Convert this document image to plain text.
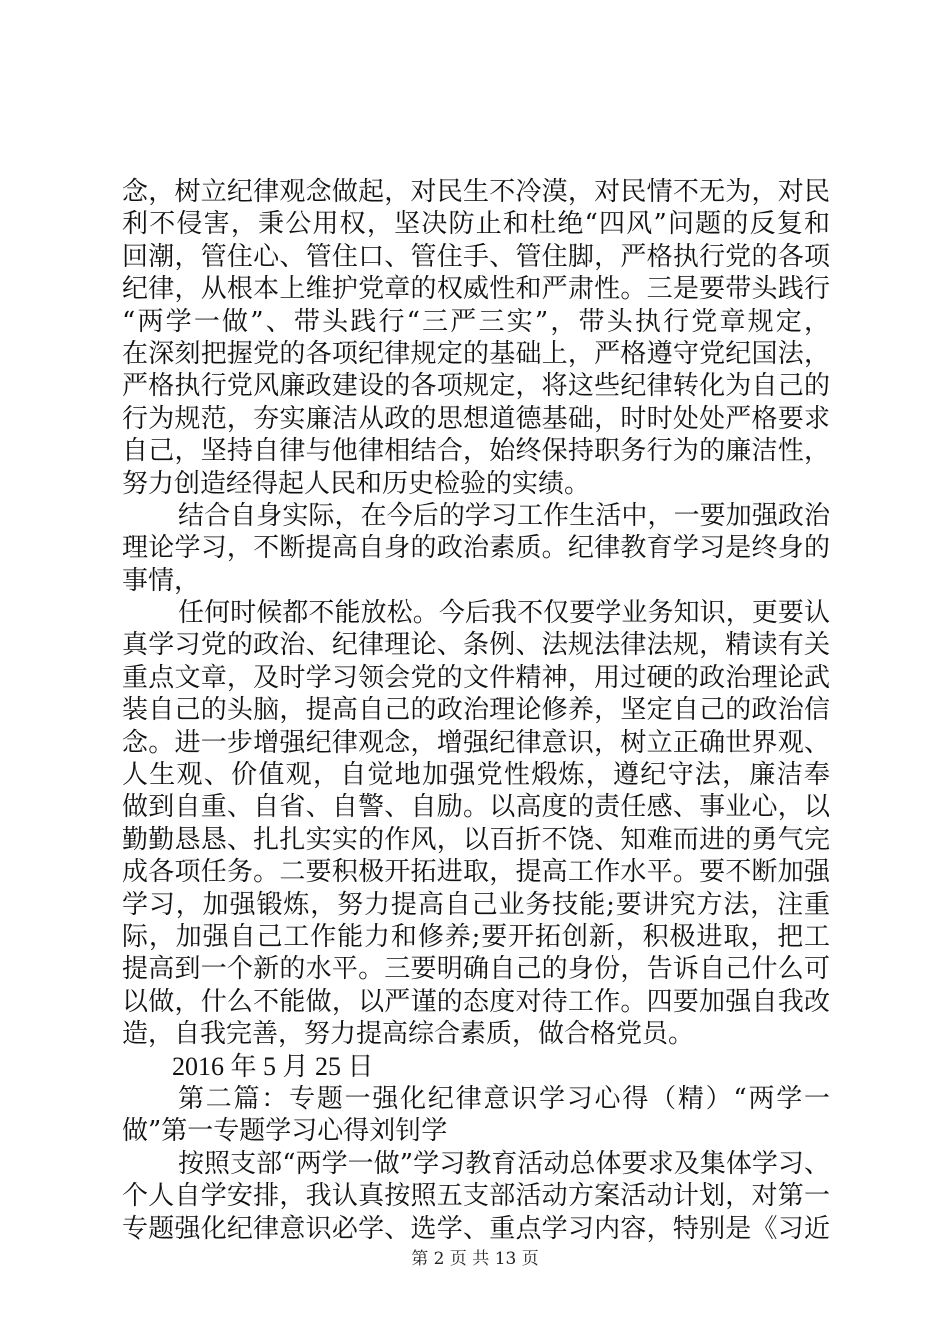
念，树立纪律观念做起，对民生不冷漠，对民情不无为，对民
利不侵害，秉公用权，坚决防止和杜绝“四风”问题的反复和
回潮，管住心、管住口、管住手、管住脚，严格执行党的各项
纪律，从根本上维护党章的权威性和严肃性。三是要带头践行
“两学一做”、带头践行“三严三实”，带头执行党章规定，
在深刻把握党的各项纪律规定的基础上，严格遵守党纪国法，
严格执行党风廉政建设的各项规定，将这些纪律转化为自己的
行为规范，夯实廉洁从政的思想道德基础，时时处处严格要求
自己，坚持自律与他律相结合，始终保持职务行为的廉洁性，
努力创造经得起人民和历史检验的实绩。
结合自身实际，在今后的学习工作生活中，一要加强政治
理论学习，不断提高自身的政治素质。纪律教育学习是终身的
事情，
任何时候都不能放松。今后我不仅要学业务知识，更要认
真学习党的政治、纪律理论、条例、法规法律法规，精读有关
重点文章，及时学习领会党的文件精神，用过硬的政治理论武
装自己的头脑，提高自己的政治理论修养，坚定自己的政治信
念。进一步增强纪律观念，增强纪律意识，树立正确世界观、
人生观、价值观，自觉地加强党性煅炼，遵纪守法，廉洁奉
做到自重、自省、自警、自励。以高度的责任感、事业心，以
勤勤恳恳、扎扎实实的作风，以百折不饶、知难而进的勇气完
成各项任务。二要积极开拓进取，提高工作水平。要不断加强
学习，加强锻炼，努力提高自己业务技能;要讲究方法，注重
际，加强自己工作能力和修养;要开拓创新，积极进取，把工
提高到一个新的水平。三要明确自己的身份，告诉自己什么可
以做，什么不能做，以严谨的态度对待工作。四要加强自我改
造，自我完善，努力提高综合素质，做合格党员。
2016 年 5 月 25 日
第二篇：专题一强化纪律意识学习心得（精）“两学一
做”第一专题学习心得刘钊学
按照支部“两学一做”学习教育活动总体要求及集体学习、
个人自学安排，我认真按照五支部活动方案活动计划，对第一
专题强化纪律意识必学、选学、重点学习内容，特别是《习近
第 2 页 共 13 页
